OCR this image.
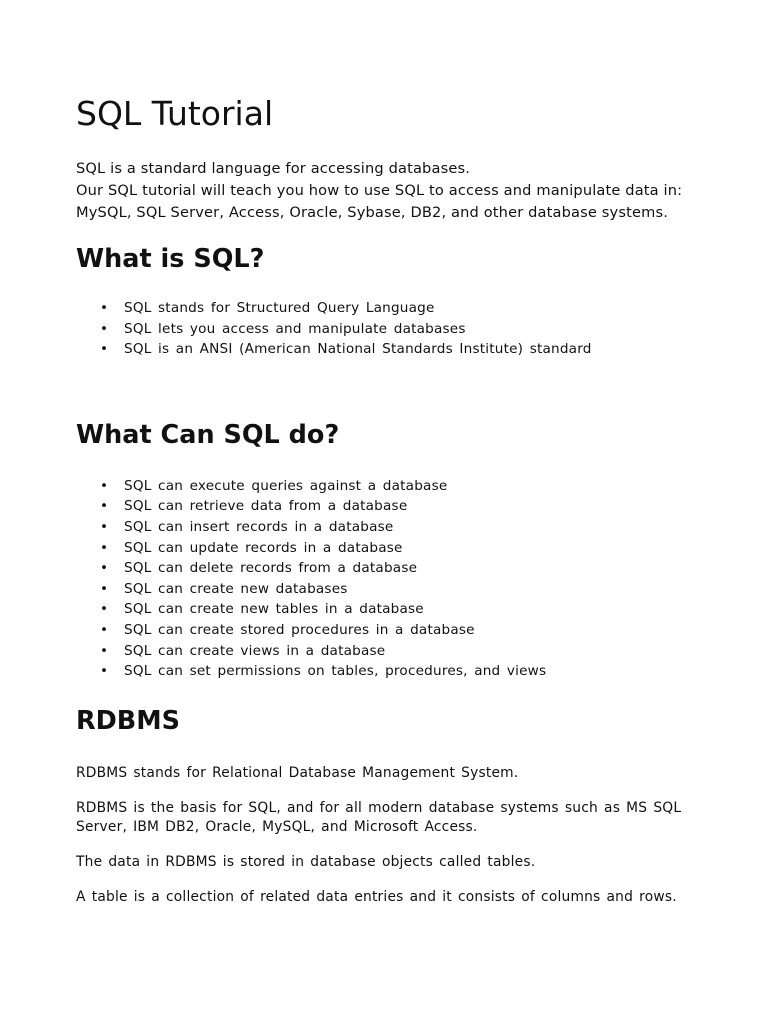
SQL Tutorial

SQL is a standard language for accessing databases.

Our SQL tutorial will teach you how to use SQL to access and manipulate data in: MySQL, SQL Server, Access, Oracle, Sybase, DB2, and other database systems.

What is SQL?
• SQL stands for Structured Query Language
• SQL lets you access and manipulate databases
• SQL is an ANSI (American National Standards Institute) standard
What Can SQL do?
• SQL can execute queries against a database
• SQL can retrieve data from a database
• SQL can insert records in a database
• SQL can update records in a database
• SQL can delete records from a database
• SQL can create new databases
• SQL can create new tables in a database
• SQL can create stored procedures in a database
• SQL can create views in a database
• SQL can set permissions on tables, procedures, and views
RDBMS

RDBMS stands for Relational Database Management System.

RDBMS is the basis for SQL, and for all modern database systems such as MS SQL Server, IBM DB2, Oracle, MySQL, and Microsoft Access.

The data in RDBMS is stored in database objects called tables.

A table is a collection of related data entries and it consists of columns and rows.
